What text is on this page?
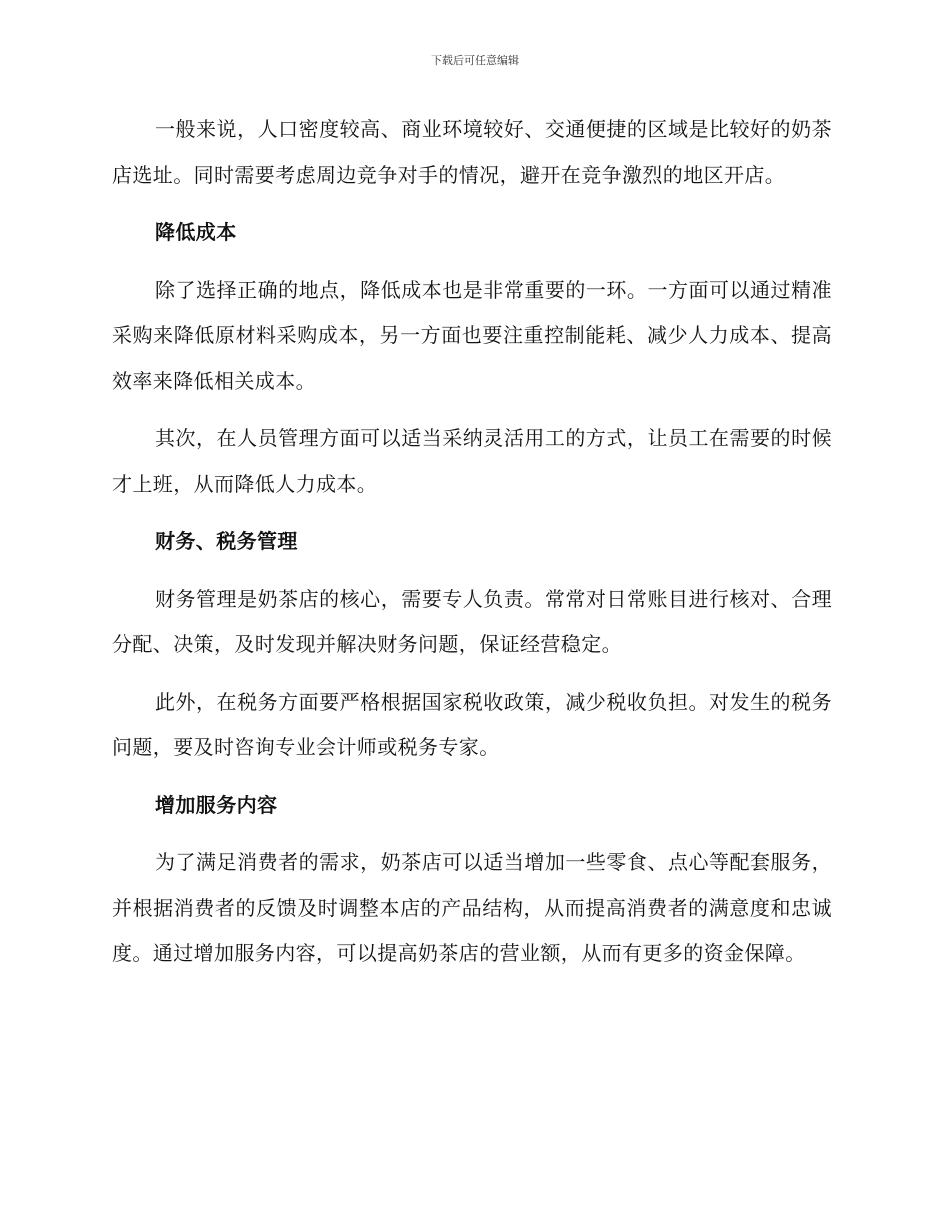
下载后可任意编辑

一般来说，人口密度较高、商业环境较好、交通便捷的区域是比较好的奶茶店选址。同时需要考虑周边竞争对手的情况，避开在竞争激烈的地区开店。

降低成本

除了选择正确的地点，降低成本也是非常重要的一环。一方面可以通过精准采购来降低原材料采购成本，另一方面也要注重控制能耗、减少人力成本、提高效率来降低相关成本。

其次，在人员管理方面可以适当采纳灵活用工的方式，让员工在需要的时候才上班，从而降低人力成本。

财务、税务管理

财务管理是奶茶店的核心，需要专人负责。常常对日常账目进行核对、合理分配、决策，及时发现并解决财务问题，保证经营稳定。

此外，在税务方面要严格根据国家税收政策，减少税收负担。对发生的税务问题，要及时咨询专业会计师或税务专家。

增加服务内容

为了满足消费者的需求，奶茶店可以适当增加一些零食、点心等配套服务，并根据消费者的反馈及时调整本店的产品结构，从而提高消费者的满意度和忠诚度。通过增加服务内容，可以提高奶茶店的营业额，从而有更多的资金保障。
